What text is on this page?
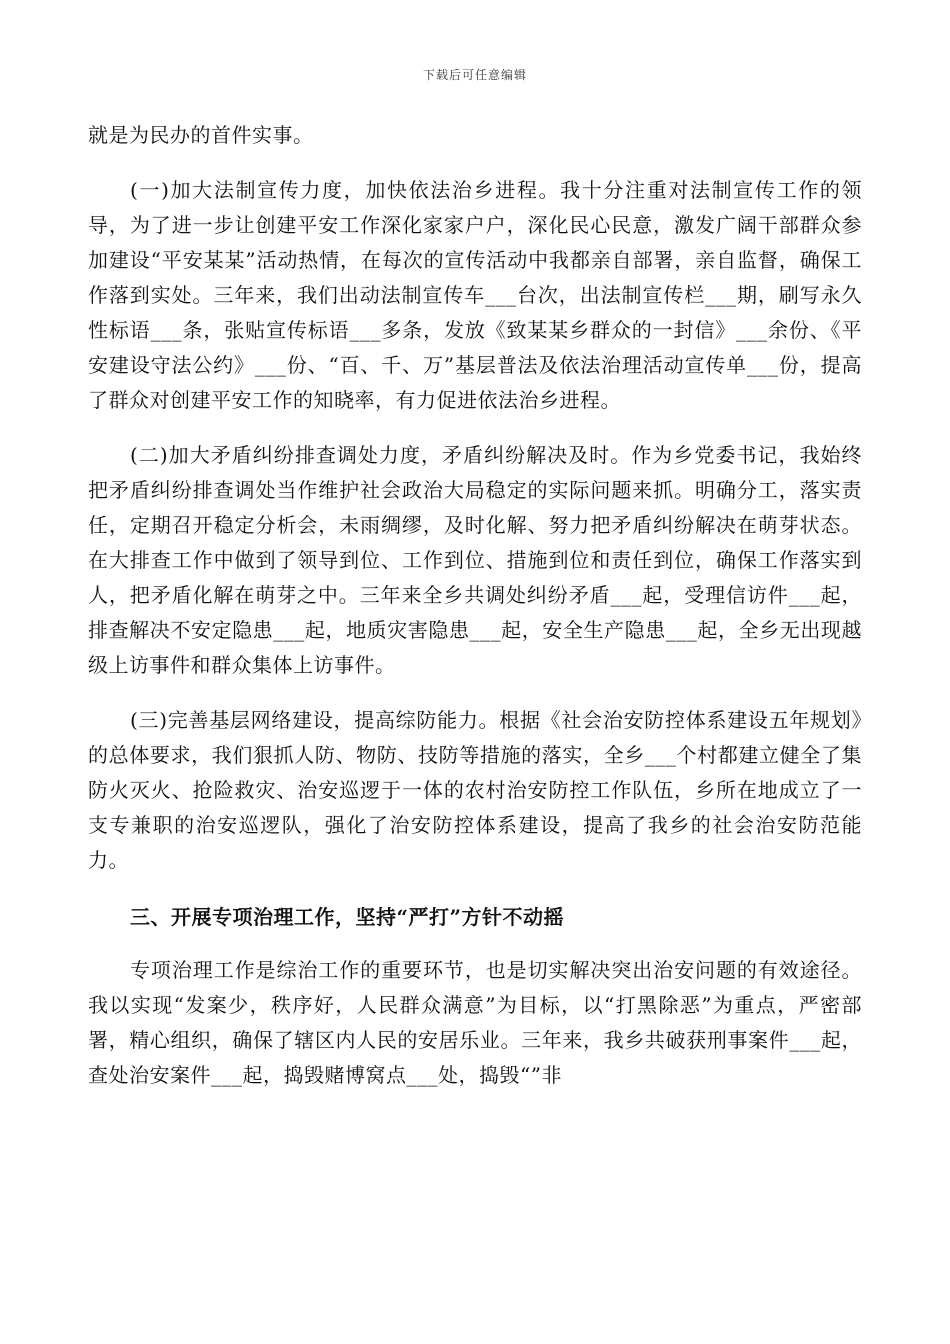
下载后可任意编辑

就是为民办的首件实事。

(一)加大法制宣传力度，加快依法治乡进程。我十分注重对法制宣传工作的领导，为了进一步让创建平安工作深化家家户户，深化民心民意，激发广阔干部群众参加建设“平安某某”活动热情，在每次的宣传活动中我都亲自部署，亲自监督，确保工作落到实处。三年来，我们出动法制宣传车___台次，出法制宣传栏___期，刷写永久性标语___条，张贴宣传标语___多条，发放《致某某乡群众的一封信》___余份、《平安建设守法公约》___份、“百、千、万”基层普法及依法治理活动宣传单___份，提高了群众对创建平安工作的知晓率，有力促进依法治乡进程。

(二)加大矛盾纠纷排查调处力度，矛盾纠纷解决及时。作为乡党委书记，我始终把矛盾纠纷排查调处当作维护社会政治大局稳定的实际问题来抓。明确分工，落实责任，定期召开稳定分析会，未雨绸缪，及时化解、努力把矛盾纠纷解决在萌芽状态。在大排查工作中做到了领导到位、工作到位、措施到位和责任到位，确保工作落实到人，把矛盾化解在萌芽之中。三年来全乡共调处纠纷矛盾___起，受理信访件___起，排查解决不安定隐患___起，地质灾害隐患___起，安全生产隐患___起，全乡无出现越级上访事件和群众集体上访事件。

(三)完善基层网络建设，提高综防能力。根据《社会治安防控体系建设五年规划》的总体要求，我们狠抓人防、物防、技防等措施的落实，全乡___个村都建立健全了集防火灭火、抢险救灾、治安巡逻于一体的农村治安防控工作队伍，乡所在地成立了一支专兼职的治安巡逻队，强化了治安防控体系建设，提高了我乡的社会治安防范能力。

三、开展专项治理工作，坚持“严打”方针不动摇

专项治理工作是综治工作的重要环节，也是切实解决突出治安问题的有效途径。我以实现“发案少，秩序好，人民群众满意”为目标，以“打黑除恶”为重点，严密部署，精心组织，确保了辖区内人民的安居乐业。三年来，我乡共破获刑事案件___起，查处治安案件___起，捣毁赌博窝点___处，捣毁“”非
